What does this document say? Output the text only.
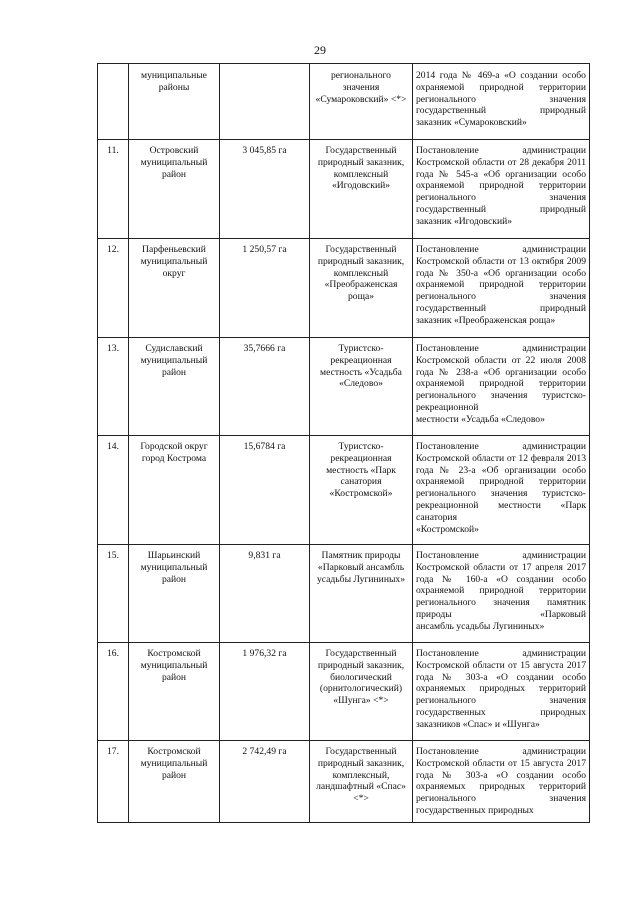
29
	муниципальные районы		регионального значения «Сумароковский» <*>	2014 года № 469-а «О создании особо охраняемой природной территории регионального значения государственный природный
заказник «Сумароковский»

11.	Островский муниципальный район	3 045,85 га	Государственный природный заказник, комплексный «Игодовский»	Постановление администрации Костромской области от 28 декабря 2011 года № 545-а «Об организации особо охраняемой природной территории регионального значения государственный природный
заказник «Игодовский»

12.	Парфеньевский муниципальный округ	1 250,57 га	Государственный природный заказник, комплексный «Преображенская роща»	Постановление администрации Костромской области от 13 октября 2009 года № 350-а «Об организации особо охраняемой природной территории регионального значения государственный природный
заказник «Преображенская роща»

13.	Судиславский муниципальный район	35,7666 га	Туристско-рекреационная местность «Усадьба «Следово»	Постановление администрации Костромской области от 22 июля 2008 года № 238-а «Об организации особо охраняемой природной территории регионального значения туристско-рекреационной
местности «Усадьба «Следово»

14.	Городской округ город Кострома	15,6784 га	Туристско-рекреационная местность «Парк санатория «Костромской»	Постановление администрации Костромской области от 12 февраля 2013 года № 23-а «Об организации особо охраняемой природной территории регионального значения туристско-рекреационной местности «Парк санатория
«Костромской»

15.	Шарьинский муниципальный район	9,831 га	Памятник природы «Парковый ансамбль усадьбы Лугининых»	Постановление администрации Костромской области от 17 апреля 2017 года № 160-а «О создании особо охраняемой природной территории регионального значения памятник природы «Парковый
ансамбль усадьбы Лугининых»

16.	Костромской муниципальный район	1 976,32 га	Государственный природный заказник, биологический (орнитологический) «Шунга» <*>	Постановление администрации Костромской области от 15 августа 2017 года № 303-а «О создании особо охраняемых природных территорий регионального значения государственных природных
заказников «Спас» и «Шунга»

17.	Костромской муниципальный район	2 742,49 га	Государственный природный заказник, комплексный, ландшафтный «Спас» <*>	Постановление администрации Костромской области от 15 августа 2017 года № 303-а «О создании особо охраняемых природных территорий регионального значения
государственных природных
